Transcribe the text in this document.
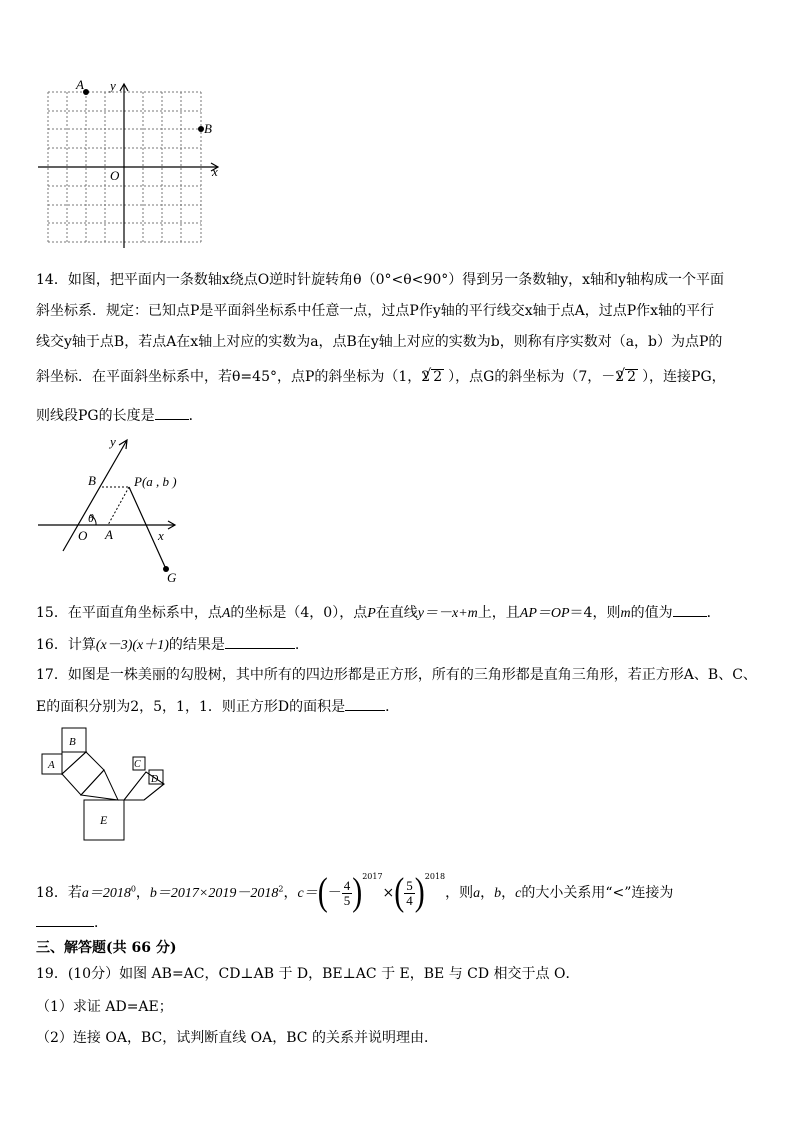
A y
B
x
O
14．如图，把平面内一条数轴x绕点O逆时针旋转角θ（0°<θ<90°）得到另一条数轴y，x轴和y轴构成一个平面
斜坐标系．规定：已知点P是平面斜坐标系中任意一点，过点P作y轴的平行线交x轴于点A，过点P作x轴的平行
线交y轴于点B，若点A在x轴上对应的实数为a，点B在y轴上对应的实数为b，则称有序实数对（a，b）为点P的
斜坐标．在平面斜坐标系中，若θ=45°，点P的斜坐标为（1，2 √ 2 ），点G的斜坐标为（7，－2 √ 2 ），连接PG，
则线段PG的长度是 ．
y
B	P(a , b )
θ
O A	x
G
15．在平面直角坐标系中，点A的坐标是（4，0），点P在直线y＝－x+m上，且AP＝OP＝4，则m的值为 ．
16．计算(x－3)(x＋1)的结果是	.
17．如图是一株美丽的勾股树，其中所有的四边形都是正方形，所有的三角形都是直角三角形，若正方形A、B、C、
E的面积分别为2，5，1，1．则正方形D的面积是	．
B
A	C
D
E
18．若$a=2018^0$，$b=2017\times 2019-2018^2$，$c=(- \frac{4}{5} )^{2017}\times( \frac{5}{4} )^{2018}$，则a，b，c的大小关系用“<”连接为
．
三、解答题(共 66 分)
19．(10分）如图 AB=AC，CD⊥AB 于 D，BE⊥AC 于 E，BE 与 CD 相交于点 O．
（1）求证 AD=AE；
（2）连接 OA，BC，试判断直线 OA，BC 的关系并说明理由．
